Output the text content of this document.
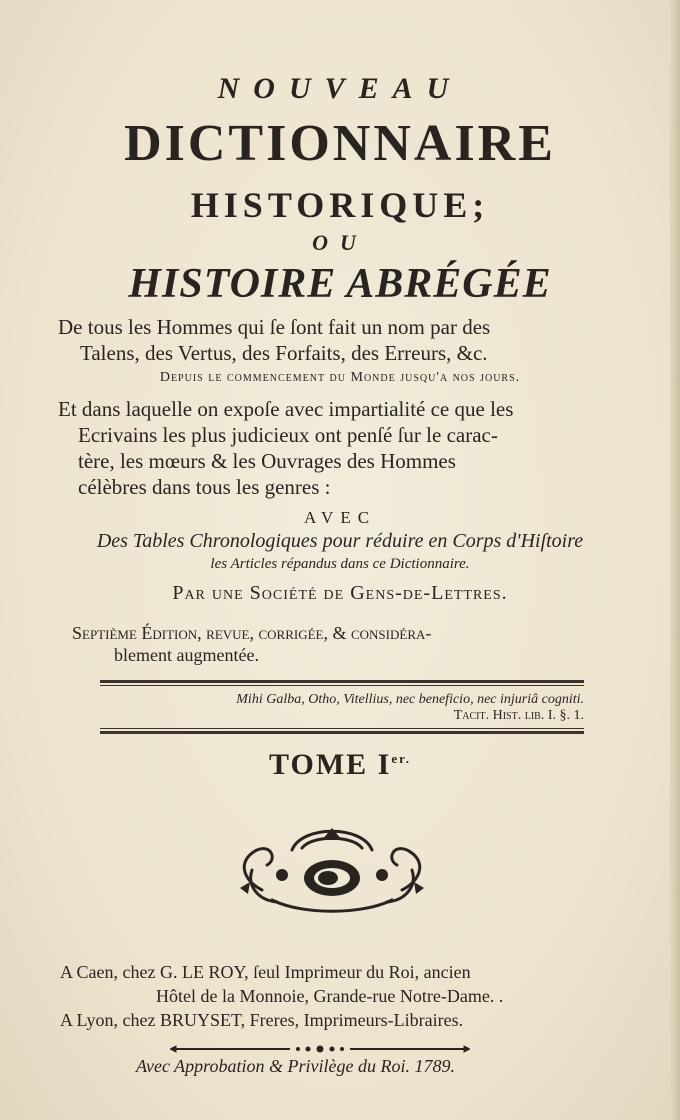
NOUVEAU
DICTIONNAIRE
HISTORIQUE;
OU
HISTOIRE ABRÉGÉE
De tous les Hommes qui ſe ſont fait un nom par des
Talens, des Vertus, des Forfaits, des Erreurs, &c.
Depuis le commencement du Monde jusqu'a nos jours.
Et dans laquelle on expoſe avec impartialité ce que les
Ecrivains les plus judicieux ont penſé ſur le carac-
tère, les mœurs & les Ouvrages des Hommes
célèbres dans tous les genres :
AVEC
Des Tables Chronologiques pour réduire en Corps d'Hiſtoire
les Articles répandus dans ce Dictionnaire.
Par une Société de Gens-de-Lettres.
Septième Édition, revue, corrigée, & conſidéra-
blement augmentée.
Mihi Galba, Otho, Vitellius, nec beneficio, nec injuriâ cogniti.
Tacit. Hiſt. lib. I. §. 1.
TOME $I^{er.}$
A Caen, chez G. LE ROY, ſeul Imprimeur du Roi, ancien
Hôtel de la Monnoie, Grande-rue Notre-Dame. .
A Lyon, chez BRUYSET, Freres, Imprimeurs-Libraires.
Avec Approbation & Privilège du Roi. 1789.
